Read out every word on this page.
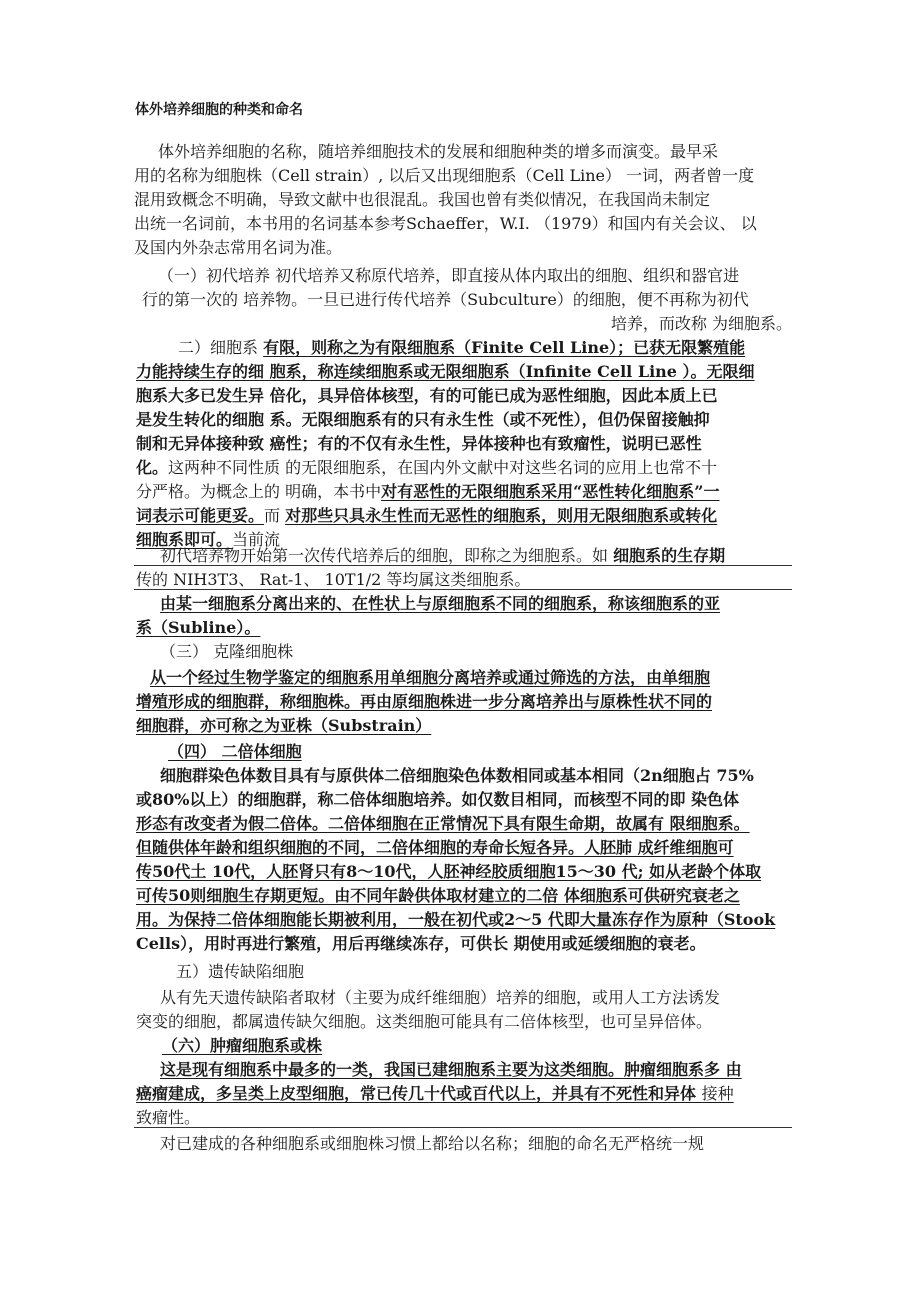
体外培养细胞的种类和命名
体外培养细胞的名称，随培养细胞技术的发展和细胞种类的增多而演变。最早采
用的名称为细胞株（Cell strain）, 以后又出现细胞系（Cell Line） 一词，两者曾一度
混用致概念不明确，导致文献中也很混乱。我国也曾有类似情况，在我国尚未制定
出统一名词前，本书用的名词基本参考Schaeffer，W.I. （1979）和国内有关会议、 以
及国内外杂志常用名词为准。
（一）初代培养 初代培养又称原代培养，即直接从体内取出的细胞、组织和器官进
行的第一次的 培养物。一旦已进行传代培养（Subculture）的细胞，便不再称为初代
培养，而改称 为细胞系。
二）细胞系 有限，则称之为有限细胞系（Finite Cell Line）；已获无限繁殖能
力能持续生存的细 胞系，称连续细胞系或无限细胞系（Infinite Cell Line ）。无限细
胞系大多已发生异 倍化，具异倍体核型，有的可能已成为恶性细胞，因此本质上已
是发生转化的细胞 系。无限细胞系有的只有永生性（或不死性），但仍保留接触抑
制和无异体接种致 癌性；有的不仅有永生性，异体接种也有致瘤性，说明已恶性
化。这两种不同性质 的无限细胞系，在国内外文献中对这些名词的应用上也常不十
分严格。为概念上的 明确，本书中对有恶性的无限细胞系采用“恶性转化细胞系”一
词表示可能更妥。而 对那些只具永生性而无恶性的细胞系，则用无限细胞系或转化
细胞系即可。当前流
初代培养物开始第一次传代培养后的细胞，即称之为细胞系。如 细胞系的生存期
传的 NIH3T3、 Rat-1、 10T1/2 等均属这类细胞系。
由某一细胞系分离出来的、在性状上与原细胞系不同的细胞系，称该细胞系的亚
系（Subline）。
（三） 克隆细胞株
从一个经过生物学鉴定的细胞系用单细胞分离培养或通过筛选的方法，由单细胞
增殖形成的细胞群，称细胞株。再由原细胞株进一步分离培养出与原株性状不同的
细胞群，亦可称之为亚株（Substrain）
（四） 二倍体细胞
细胞群染色体数目具有与原供体二倍细胞染色体数相同或基本相同（2n细胞占 75%
或80%以上）的细胞群，称二倍体细胞培养。如仅数目相同，而核型不同的即 染色体
形态有改变者为假二倍体。二倍体细胞在正常情况下具有限生命期，故属有 限细胞系。
但随供体年龄和组织细胞的不同，二倍体细胞的寿命长短各异。人胚肺 成纤维细胞可
传50代土 10代，人胚肾只有8～10代，人胚神经胶质细胞15～30 代; 如从老龄个体取
可传50则细胞生存期更短。由不同年龄供体取材建立的二倍 体细胞系可供研究衰老之
用。为保持二倍体细胞能长期被利用，一般在初代或2～5 代即大量冻存作为原种（Stook
Cells），用时再进行繁殖，用后再继续冻存，可供长 期使用或延缓细胞的衰老。
五）遗传缺陷细胞
从有先天遗传缺陷者取材（主要为成纤维细胞）培养的细胞，或用人工方法诱发
突变的细胞，都属遗传缺欠细胞。这类细胞可能具有二倍体核型，也可呈异倍体。
（六）肿瘤细胞系或株
这是现有细胞系中最多的一类，我国已建细胞系主要为这类细胞。肿瘤细胞系多 由
癌瘤建成，多呈类上皮型细胞，常已传几十代或百代以上，并具有不死性和异体 接种
致瘤性。
对已建成的各种细胞系或细胞株习惯上都给以名称；细胞的命名无严格统一规
